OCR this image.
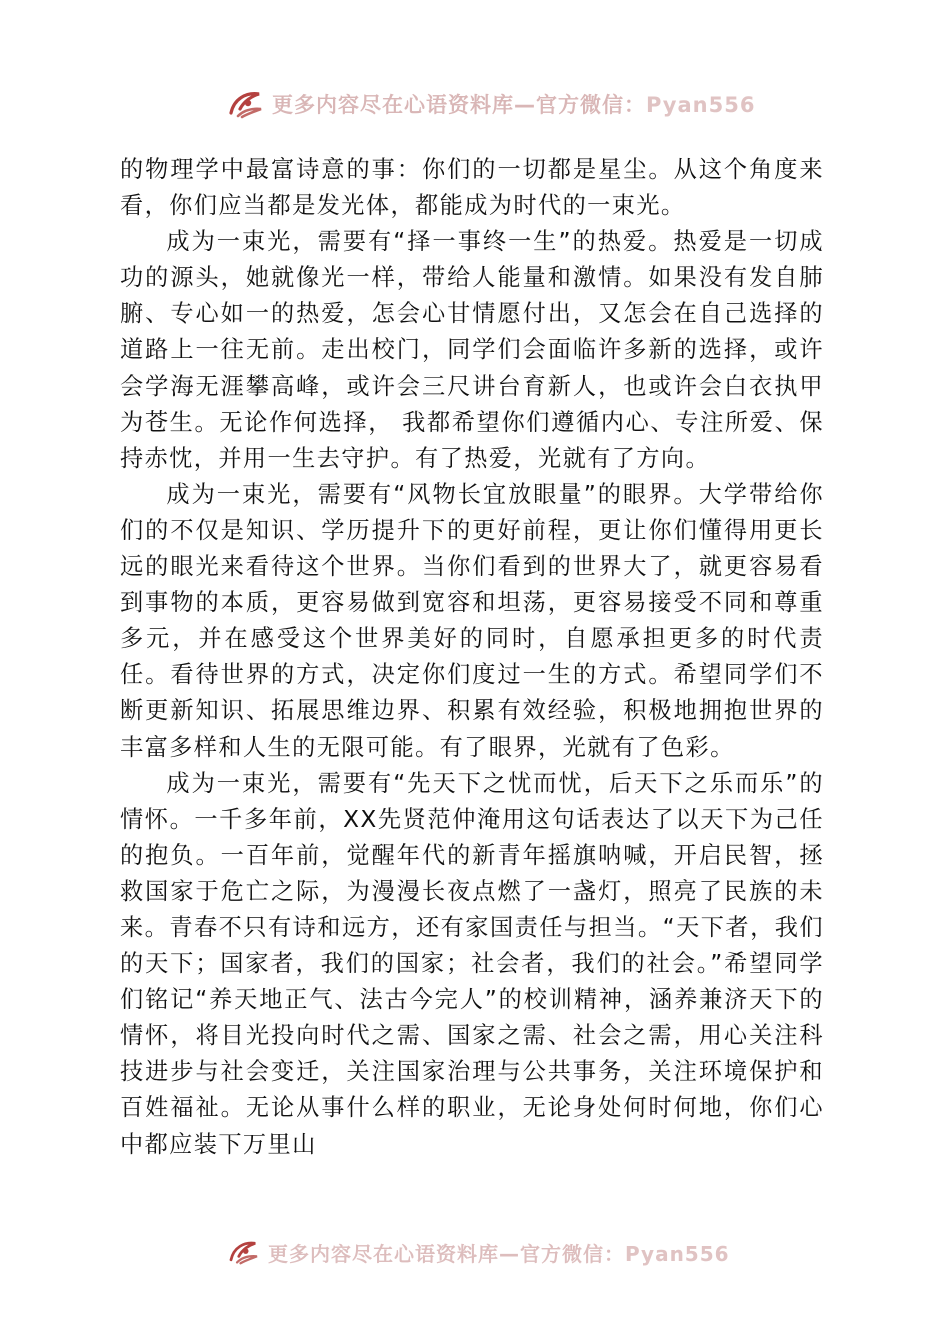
更多内容尽在心语资料库—官方微信：Pyan556

的物理学中最富诗意的事：你们的一切都是星尘。从这个角度来看，你们应当都是发光体，都能成为时代的一束光。

成为一束光，需要有“择一事终一生”的热爱。热爱是一切成功的源头，她就像光一样，带给人能量和激情。如果没有发自肺腑、专心如一的热爱，怎会心甘情愿付出，又怎会在自己选择的道路上一往无前。走出校门，同学们会面临许多新的选择，或许会学海无涯攀高峰，或许会三尺讲台育新人，也或许会白衣执甲为苍生。无论作何选择， 我都希望你们遵循内心、专注所爱、保持赤忱，并用一生去守护。有了热爱，光就有了方向。

成为一束光，需要有“风物长宜放眼量”的眼界。大学带给你们的不仅是知识、学历提升下的更好前程，更让你们懂得用更长远的眼光来看待这个世界。当你们看到的世界大了，就更容易看到事物的本质，更容易做到宽容和坦荡，更容易接受不同和尊重多元，并在感受这个世界美好的同时，自愿承担更多的时代责任。看待世界的方式，决定你们度过一生的方式。希望同学们不断更新知识、拓展思维边界、积累有效经验，积极地拥抱世界的丰富多样和人生的无限可能。有了眼界，光就有了色彩。

成为一束光，需要有“先天下之忧而忧，后天下之乐而乐”的情怀。一千多年前，XX先贤范仲淹用这句话表达了以天下为己任的抱负。一百年前，觉醒年代的新青年摇旗呐喊，开启民智，拯救国家于危亡之际，为漫漫长夜点燃了一盏灯，照亮了民族的未来。青春不只有诗和远方，还有家国责任与担当。“天下者，我们的天下；国家者，我们的国家；社会者，我们的社会。”希望同学们铭记“养天地正气、法古今完人”的校训精神，涵养兼济天下的情怀，将目光投向时代之需、国家之需、社会之需，用心关注科技进步与社会变迁，关注国家治理与公共事务，关注环境保护和百姓福祉。无论从事什么样的职业，无论身处何时何地，你们心中都应装下万里山

更多内容尽在心语资料库—官方微信：Pyan556
